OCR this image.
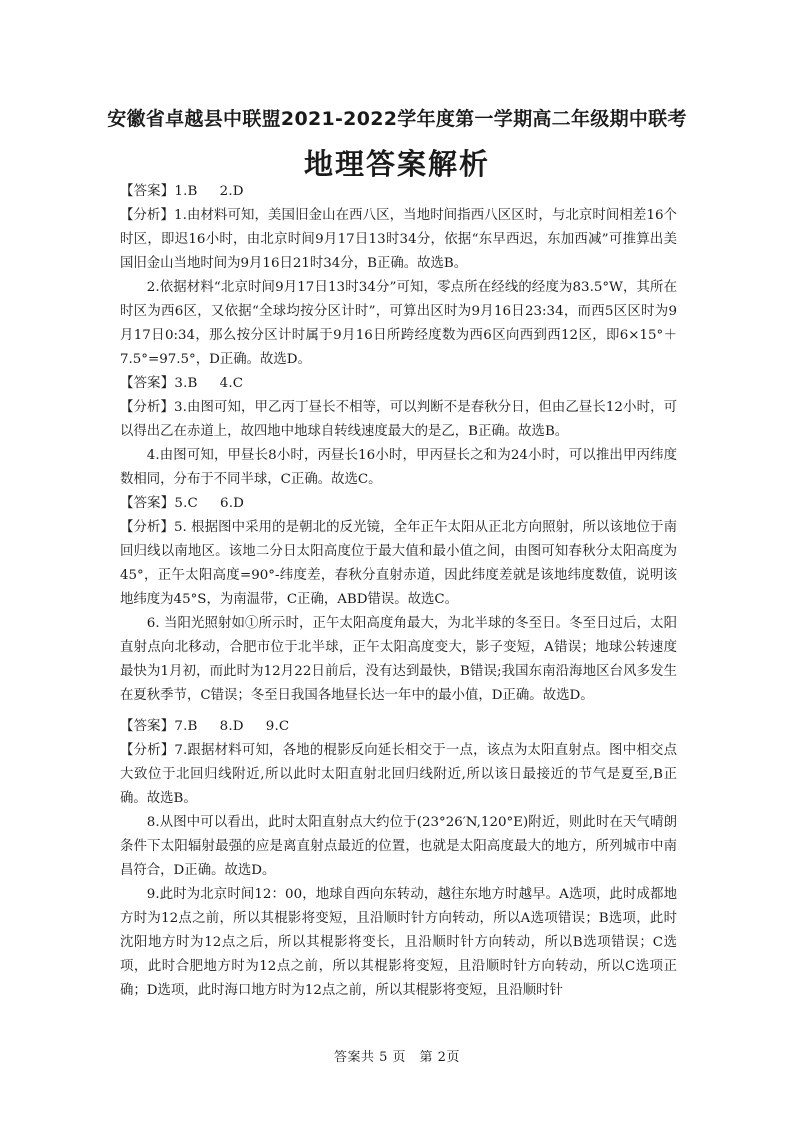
安徽省卓越县中联盟2021-2022学年度第一学期高二年级期中联考
地理答案解析

【答案】1.B 2.D

【分析】1.由材料可知，美国旧金山在西八区，当地时间指西八区区时，与北京时间相差16个时区，即迟16小时，由北京时间9月17日13时34分，依据“东早西迟，东加西减”可推算出美国旧金山当地时间为9月16日21时34分，B正确。故选B。

2.依据材料“北京时间9月17日13时34分”可知，零点所在经线的经度为83.5°W，其所在时区为西6区，又依据“全球均按分区计时”，可算出区时为9月16日23:34，而西5区区时为9月17日0:34，那么按分区计时属于9月16日所跨经度数为西6区向西到西12区，即6×15°＋7.5°=97.5°，D正确。故选D。

【答案】3.B 4.C

【分析】3.由图可知，甲乙丙丁昼长不相等，可以判断不是春秋分日，但由乙昼长12小时，可以得出乙在赤道上，故四地中地球自转线速度最大的是乙，B正确。故选B。

4.由图可知，甲昼长8小时，丙昼长16小时，甲丙昼长之和为24小时，可以推出甲丙纬度数相同，分布于不同半球，C正确。故选C。

【答案】5.C 6.D

【分析】5. 根据图中采用的是朝北的反光镜，全年正午太阳从正北方向照射，所以该地位于南回归线以南地区。该地二分日太阳高度位于最大值和最小值之间，由图可知春秋分太阳高度为45°，正午太阳高度=90°-纬度差，春秋分直射赤道，因此纬度差就是该地纬度数值，说明该地纬度为45°S，为南温带，C正确，ABD错误。故选C。

6. 当阳光照射如①所示时，正午太阳高度角最大，为北半球的冬至日。冬至日过后，太阳直射点向北移动，合肥市位于北半球，正午太阳高度变大，影子变短，A错误；地球公转速度最快为1月初，而此时为12月22日前后，没有达到最快，B错误;我国东南沿海地区台风多发生在夏秋季节，C错误；冬至日我国各地昼长达一年中的最小值，D正确。故选D。

【答案】7.B 8.D 9.C

【分析】7.跟据材料可知，各地的棍影反向延长相交于一点，该点为太阳直射点。图中相交点大致位于北回归线附近,所以此时太阳直射北回归线附近,所以该日最接近的节气是夏至,B正确。故选B。

8.从图中可以看出，此时太阳直射点大约位于(23°26′N,120°E)附近，则此时在天气晴朗条件下太阳辐射最强的应是离直射点最近的位置，也就是太阳高度最大的地方，所列城市中南昌符合，D正确。故选D。

9.此时为北京时间12：00，地球自西向东转动，越往东地方时越早。A选项，此时成都地方时为12点之前，所以其棍影将变短，且沿顺时针方向转动，所以A选项错误；B选项，此时沈阳地方时为12点之后，所以其棍影将变长，且沿顺时针方向转动，所以B选项错误；C选项，此时合肥地方时为12点之前，所以其棍影将变短，且沿顺时针方向转动，所以C选项正确；D选项，此时海口地方时为12点之前，所以其棍影将变短，且沿顺时针

答案共 5 页　第 2页
